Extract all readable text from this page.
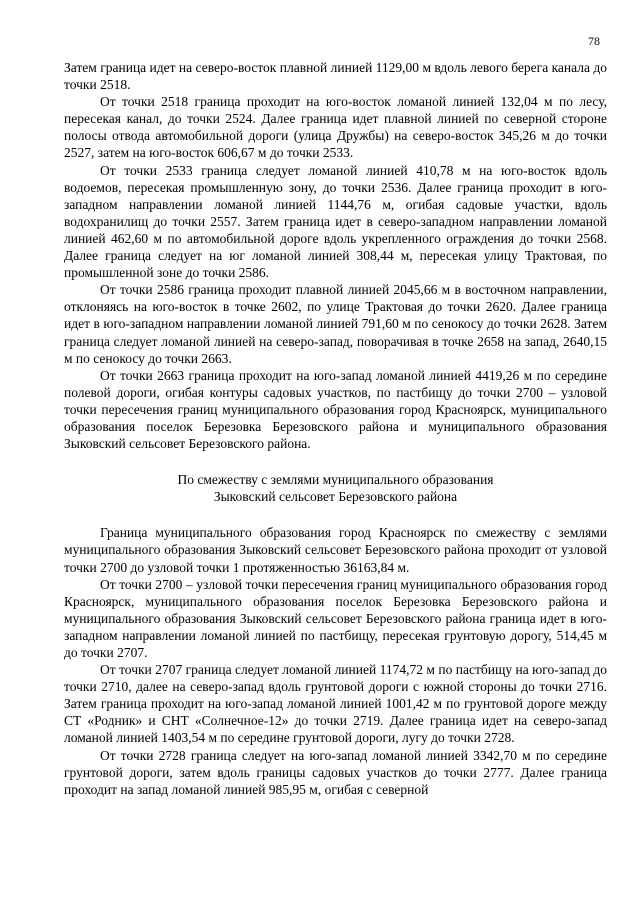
78

Затем граница идет на северо-восток плавной линией 1129,00 м вдоль левого берега канала до точки 2518.

От точки 2518 граница проходит на юго-восток ломаной линией 132,04 м по лесу, пересекая канал, до точки 2524. Далее граница идет плавной линией по северной стороне полосы отвода автомобильной дороги (улица Дружбы) на северо-восток 345,26 м до точки 2527, затем на юго-восток 606,67 м до точки 2533.

От точки 2533 граница следует ломаной линией 410,78 м на юго-восток вдоль водоемов, пересекая промышленную зону, до точки 2536. Далее граница проходит в юго-западном направлении ломаной линией 1144,76 м, огибая садовые участки, вдоль водохранилищ до точки 2557. Затем граница идет в северо-западном направлении ломаной линией 462,60 м по автомобильной дороге вдоль укрепленного ограждения до точки 2568. Далее граница следует на юг ломаной линией 308,44 м, пересекая улицу Трактовая, по промышленной зоне до точки 2586.

От точки 2586 граница проходит плавной линией 2045,66 м в восточном направлении, отклоняясь на юго-восток в точке 2602, по улице Трактовая до точки 2620. Далее граница идет в юго-западном направлении ломаной линией 791,60 м по сенокосу до точки 2628. Затем граница следует ломаной линией на северо-запад, поворачивая в точке 2658 на запад, 2640,15 м по сенокосу до точки 2663.

От точки 2663 граница проходит на юго-запад ломаной линией 4419,26 м по середине полевой дороги, огибая контуры садовых участков, по пастбищу до точки 2700 – узловой точки пересечения границ муниципального образования город Красноярск, муниципального образования поселок Березовка Березовского района и муниципального образования Зыковский сельсовет Березовского района.

По смежеству с землями муниципального образования
Зыковский сельсовет Березовского района

Граница муниципального образования город Красноярск по смежеству с землями муниципального образования Зыковский сельсовет Березовского района проходит от узловой точки 2700 до узловой точки 1 протяженностью 36163,84 м.

От точки 2700 – узловой точки пересечения границ муниципального образования город Красноярск, муниципального образования поселок Березовка Березовского района и муниципального образования Зыковский сельсовет Березовского района граница идет в юго-западном направлении ломаной линией по пастбищу, пересекая грунтовую дорогу, 514,45 м до точки 2707.

От точки 2707 граница следует ломаной линией 1174,72 м по пастбищу на юго-запад до точки 2710, далее на северо-запад вдоль грунтовой дороги с южной стороны до точки 2716. Затем граница проходит на юго-запад ломаной линией 1001,42 м по грунтовой дороге между СТ «Родник» и СНТ «Солнечное-12» до точки 2719. Далее граница идет на северо-запад ломаной линией 1403,54 м по середине грунтовой дороги, лугу до точки 2728.

От точки 2728 граница следует на юго-запад ломаной линией 3342,70 м по середине грунтовой дороги, затем вдоль границы садовых участков до точки 2777. Далее граница проходит на запад ломаной линией 985,95 м, огибая с северной
